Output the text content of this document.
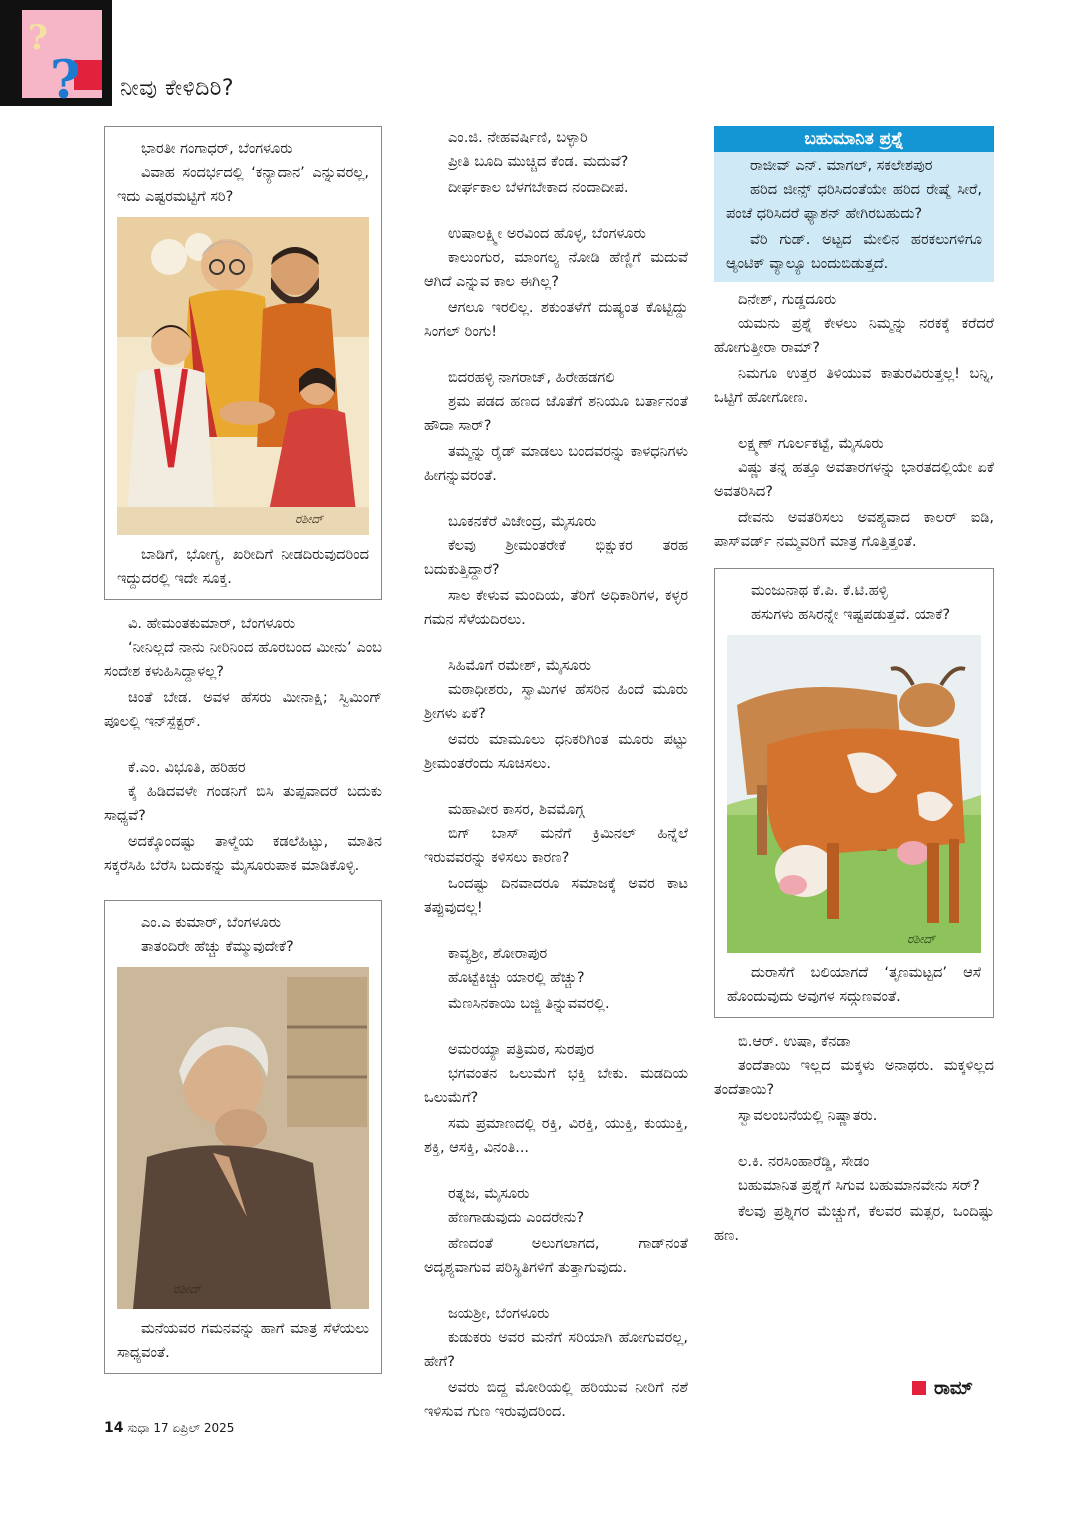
?
? ನೀವು ಕೇಳಿದಿರಿ?
ಭಾರತೀ ಗಂಗಾಧರ್, ಬೆಂಗಳೂರು
ವಿವಾಹ ಸಂದರ್ಭದಲ್ಲಿ ‘ಕನ್ಯಾದಾನ’ ಎನ್ನುವರಲ್ಲ, ಇದು ಎಷ್ಟರಮಟ್ಟಿಗೆ ಸರಿ?
ರಶೀದ್
ಬಾಡಿಗೆ, ಭೋಗ್ಯ, ಖರೀದಿಗೆ ನೀಡದಿರುವುದರಿಂದ ಇದ್ದುದರಲ್ಲಿ ಇದೇ ಸೂಕ್ತ.
ವಿ. ಹೇಮಂತಕುಮಾರ್, ಬೆಂಗಳೂರು
‘ನೀನಿಲ್ಲದೆ ನಾನು ನೀರಿನಿಂದ ಹೊರಬಂದ ಮೀನು’ ಎಂಬ ಸಂದೇಶ ಕಳುಹಿಸಿದ್ದಾಳಲ್ಲ?
ಚಿಂತೆ ಬೇಡ. ಅವಳ ಹೆಸರು ಮೀನಾಕ್ಷಿ; ಸ್ವಿಮಿಂಗ್ ಪೂಲಲ್ಲಿ ಇನ್‌ಸ್ಪೆಕ್ಟರ್.
ಕೆ.ಎಂ. ವಿಭೂತಿ, ಹರಿಹರ
ಕೈ ಹಿಡಿದವಳೇ ಗಂಡನಿಗೆ ಬಿಸಿ ತುಪ್ಪವಾದರೆ ಬದುಕು ಸಾಧ್ಯವೆ?
ಅದಕ್ಕೊಂದಷ್ಟು ತಾಳ್ಮೆಯ ಕಡಲೆಹಿಟ್ಟು, ಮಾತಿನ ಸಕ್ಕರೆಸಿಹಿ ಬೆರೆಸಿ ಬದುಕನ್ನು ಮೈಸೂರುಪಾಕ ಮಾಡಿಕೊಳ್ಳಿ.
ಎಂ.ಎ ಕುಮಾರ್, ಬೆಂಗಳೂರು
ತಾತಂದಿರೇ ಹೆಚ್ಚು ಕೆಮ್ಮುವುದೇಕೆ?
ರಶೀದ್
ಮನೆಯವರ ಗಮನವನ್ನು ಹಾಗೆ ಮಾತ್ರ ಸೆಳೆಯಲು ಸಾಧ್ಯವಂತೆ.
ಎಂ.ಜಿ. ನೇಹವರ್ಷಿಣಿ, ಬಳ್ಳಾರಿ
ಪ್ರೀತಿ ಬೂದಿ ಮುಚ್ಚಿದ ಕೆಂಡ. ಮದುವೆ?
ದೀರ್ಘಕಾಲ ಬೆಳಗಬೇಕಾದ ನಂದಾದೀಪ.
ಉಷಾಲಕ್ಷ್ಮೀ ಅರವಿಂದ ಹೊಳ್ಳ, ಬೆಂಗಳೂರು
ಕಾಲುಂಗುರ, ಮಾಂಗಲ್ಯ ನೋಡಿ ಹೆಣ್ಣಿಗೆ ಮದುವೆ ಆಗಿದೆ ಎನ್ನುವ ಕಾಲ ಈಗಿಲ್ಲ?
ಆಗಲೂ ಇರಲಿಲ್ಲ. ಶಕುಂತಳೆಗೆ ದುಷ್ಯಂತ ಕೊಟ್ಟಿದ್ದು ಸಿಂಗಲ್ ರಿಂಗು!
ಬಿದರಹಳ್ಳಿ ನಾಗರಾಜ್, ಹಿರೇಹಡಗಲಿ
ಶ್ರಮ ಪಡದ ಹಣದ ಜೊತೆಗೆ ಶನಿಯೂ ಬರ್ತಾನಂತೆ ಹೌದಾ ಸಾರ್?
ತಮ್ಮನ್ನು ರೈಡ್ ಮಾಡಲು ಬಂದವರನ್ನು ಕಾಳಧನಿಗಳು ಹೀಗನ್ನುವರಂತೆ.
ಬೂಕನಕೆರೆ ವಿಜೇಂದ್ರ, ಮೈಸೂರು
ಕೆಲವು ಶ್ರೀಮಂತರೇಕೆ ಭಿಕ್ಷುಕರ ತರಹ ಬದುಕುತ್ತಿದ್ದಾರೆ?
ಸಾಲ ಕೇಳುವ ಮಂದಿಯ, ತೆರಿಗೆ ಅಧಿಕಾರಿಗಳ, ಕಳ್ಳರ ಗಮನ ಸೆಳೆಯದಿರಲು.
ಸಿಹಿಮೊಗೆ ರಮೇಶ್, ಮೈಸೂರು
ಮಠಾಧೀಶರು, ಸ್ವಾಮಿಗಳ ಹೆಸರಿನ ಹಿಂದೆ ಮೂರು ಶ್ರೀಗಳು ಏಕೆ?
ಅವರು ಮಾಮೂಲು ಧನಿಕರಿಗಿಂತ ಮೂರು ಪಟ್ಟು ಶ್ರೀಮಂತರೆಂದು ಸೂಚಿಸಲು.
ಮಹಾವೀರ ಕಾಸರ, ಶಿವಮೊಗ್ಗ
ಬಿಗ್ ಬಾಸ್ ಮನೆಗೆ ಕ್ರಿಮಿನಲ್ ಹಿನ್ನೆಲೆ ಇರುವವರನ್ನು ಕಳಿಸಲು ಕಾರಣ?
ಒಂದಷ್ಟು ದಿನವಾದರೂ ಸಮಾಜಕ್ಕೆ ಅವರ ಕಾಟ ತಪ್ಪುವುದಲ್ಲ!
ಕಾವ್ಯಶ್ರೀ, ಶೋರಾಪುರ
ಹೊಟ್ಟೆಕಿಚ್ಚು ಯಾರಲ್ಲಿ ಹೆಚ್ಚು?
ಮೆಣಸಿನಕಾಯಿ ಬಜ್ಜಿ ತಿನ್ನುವವರಲ್ಲಿ.
ಅಮರಯ್ಯಾ ಪತ್ರಿಮಠ, ಸುರಪುರ
ಭಗವಂತನ ಒಲುಮೆಗೆ ಭಕ್ತಿ ಬೇಕು. ಮಡದಿಯ ಒಲುಮೆಗೆ?
ಸಮ ಪ್ರಮಾಣದಲ್ಲಿ ರಕ್ತಿ, ವಿರಕ್ತಿ, ಯುಕ್ತಿ, ಕುಯುಕ್ತಿ, ಶಕ್ತಿ, ಆಸಕ್ತಿ, ವಿನಂತಿ...
ರತ್ನಜ, ಮೈಸೂರು
ಹೆಣಗಾಡುವುದು ಎಂದರೇನು?
ಹೆಣದಂತೆ ಅಲುಗಲಾಗದ, ಗಾಡ್‌ನಂತೆ ಅದೃಶ್ಯವಾಗುವ ಪರಿಸ್ಥಿತಿಗಳಿಗೆ ತುತ್ತಾಗುವುದು.
ಜಯಶ್ರೀ, ಬೆಂಗಳೂರು
ಕುಡುಕರು ಅವರ ಮನೆಗೆ ಸರಿಯಾಗಿ ಹೋಗುವರಲ್ಲ, ಹೇಗೆ?
ಅವರು ಬಿದ್ದ ಮೋರಿಯಲ್ಲಿ ಹರಿಯುವ ನೀರಿಗೆ ನಶೆ ಇಳಿಸುವ ಗುಣ ಇರುವುದರಿಂದ.
ಬಹುಮಾನಿತ ಪ್ರಶ್ನೆ
ರಾಜೀವ್ ಎನ್. ಮಾಗಲ್, ಸಕಲೇಶಪುರ
ಹರಿದ ಜೀನ್ಸ್ ಧರಿಸಿದಂತೆಯೇ ಹರಿದ ರೇಷ್ಮೆ ಸೀರೆ, ಪಂಚೆ ಧರಿಸಿದರೆ ಫ್ಯಾಶನ್ ಹೇಗಿರಬಹುದು?
ವೆರಿ ಗುಡ್. ಅಟ್ಟದ ಮೇಲಿನ ಹರಕಲುಗಳಿಗೂ ಆ್ಯಂಟಿಕ್ ವ್ಯಾಲ್ಯೂ ಬಂದುಬಿಡುತ್ತದೆ.
ದಿನೇಶ್, ಗುಡ್ಡದೂರು
ಯಮನು ಪ್ರಶ್ನೆ ಕೇಳಲು ನಿಮ್ಮನ್ನು ನರಕಕ್ಕೆ ಕರೆದರೆ ಹೋಗುತ್ತೀರಾ ರಾಮ್?
ನಿಮಗೂ ಉತ್ತರ ತಿಳಿಯುವ ಕಾತುರವಿರುತ್ತಲ್ಲ! ಬನ್ನಿ, ಒಟ್ಟಿಗೆ ಹೋಗೋಣ.
ಲಕ್ಷ್ಮಣ್ ಗೂರ್ಲಕಟ್ಟೆ, ಮೈಸೂರು
ವಿಷ್ಣು ತನ್ನ ಹತ್ತೂ ಅವತಾರಗಳನ್ನು ಭಾರತದಲ್ಲಿಯೇ ಏಕೆ ಅವತರಿಸಿದ?
ದೇವನು ಅವತರಿಸಲು ಅವಶ್ಯವಾದ ಕಾಲರ್ ಐಡಿ, ಪಾಸ್‌ವರ್ಡ್ ನಮ್ಮವರಿಗೆ ಮಾತ್ರ ಗೊತ್ತಿತ್ತಂತೆ.
ಮಂಜುನಾಥ ಕೆ.ಪಿ. ಕೆ.ಟಿ.ಹಳ್ಳಿ
ಹಸುಗಳು ಹಸಿರನ್ನೇ ಇಷ್ಟಪಡುತ್ತವೆ. ಯಾಕೆ?
ರಶೀದ್
ದುರಾಸೆಗೆ ಬಲಿಯಾಗದೆ ‘ತೃಣಮಟ್ಟದ’ ಆಸೆ ಹೊಂದುವುದು ಅವುಗಳ ಸದ್ಗುಣವಂತೆ.
ಬಿ.ಆರ್. ಉಷಾ, ಕೆನಡಾ
ತಂದೆತಾಯಿ ಇಲ್ಲದ ಮಕ್ಕಳು ಅನಾಥರು. ಮಕ್ಕಳಿಲ್ಲದ ತಂದೆತಾಯಿ?
ಸ್ವಾವಲಂಬನೆಯಲ್ಲಿ ನಿಷ್ಣಾತರು.
ಲ.ಕಿ. ನರಸಿಂಹಾರೆಡ್ಡಿ, ಸೇಡಂ
ಬಹುಮಾನಿತ ಪ್ರಶ್ನೆಗೆ ಸಿಗುವ ಬಹುಮಾನವೇನು ಸರ್?
ಕೆಲವು ಪ್ರಶ್ನಿಗರ ಮೆಚ್ಚುಗೆ, ಕೆಲವರ ಮತ್ಸರ, ಒಂದಿಷ್ಟು ಹಣ.
ರಾಮ್
14 ಸುಧಾ 17 ಏಪ್ರಿಲ್ 2025
